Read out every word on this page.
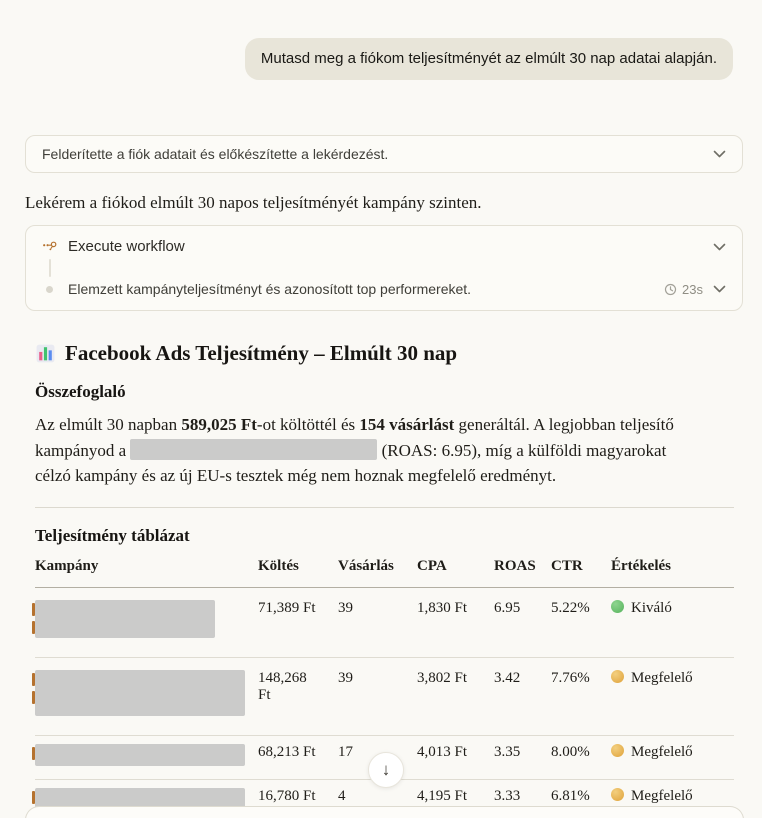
Mutasd meg a fiókom teljesítményét az elmúlt 30 nap adatai alapján.
Felderítette a fiók adatait és előkészítette a lekérdezést.

Lekérem a fiókod elmúlt 30 napos teljesítményét kampány szinten.

Execute workflow
Elemzett kampányteljesítményt és azonosított top performereket.	23s
Facebook Ads Teljesítmény – Elmúlt 30 nap
Összefoglaló

Az elmúlt 30 napban 589,025 Ft-ot költöttél és 154 vásárlást generáltál. A legjobban teljesítő kampányod a	(ROAS: 6.95), míg a külföldi magyarokat célzó kampány és az új EU-s tesztek még nem hoznak megfelelő eredményt.

Teljesítmény táblázat
Kampány	Költés	Vásárlás	CPA	ROAS	CTR	Értékelés

	71,389 Ft	39	1,830 Ft	6.95	5.22%	Kiváló

	148,268 Ft	39	3,802 Ft	3.42	7.76%	Megfelelő

	68,213 Ft	17	4,013 Ft	3.35	8.00%	Megfelelő

	16,780 Ft	4	4,195 Ft	3.33	6.81%	Megfelelő
↓
